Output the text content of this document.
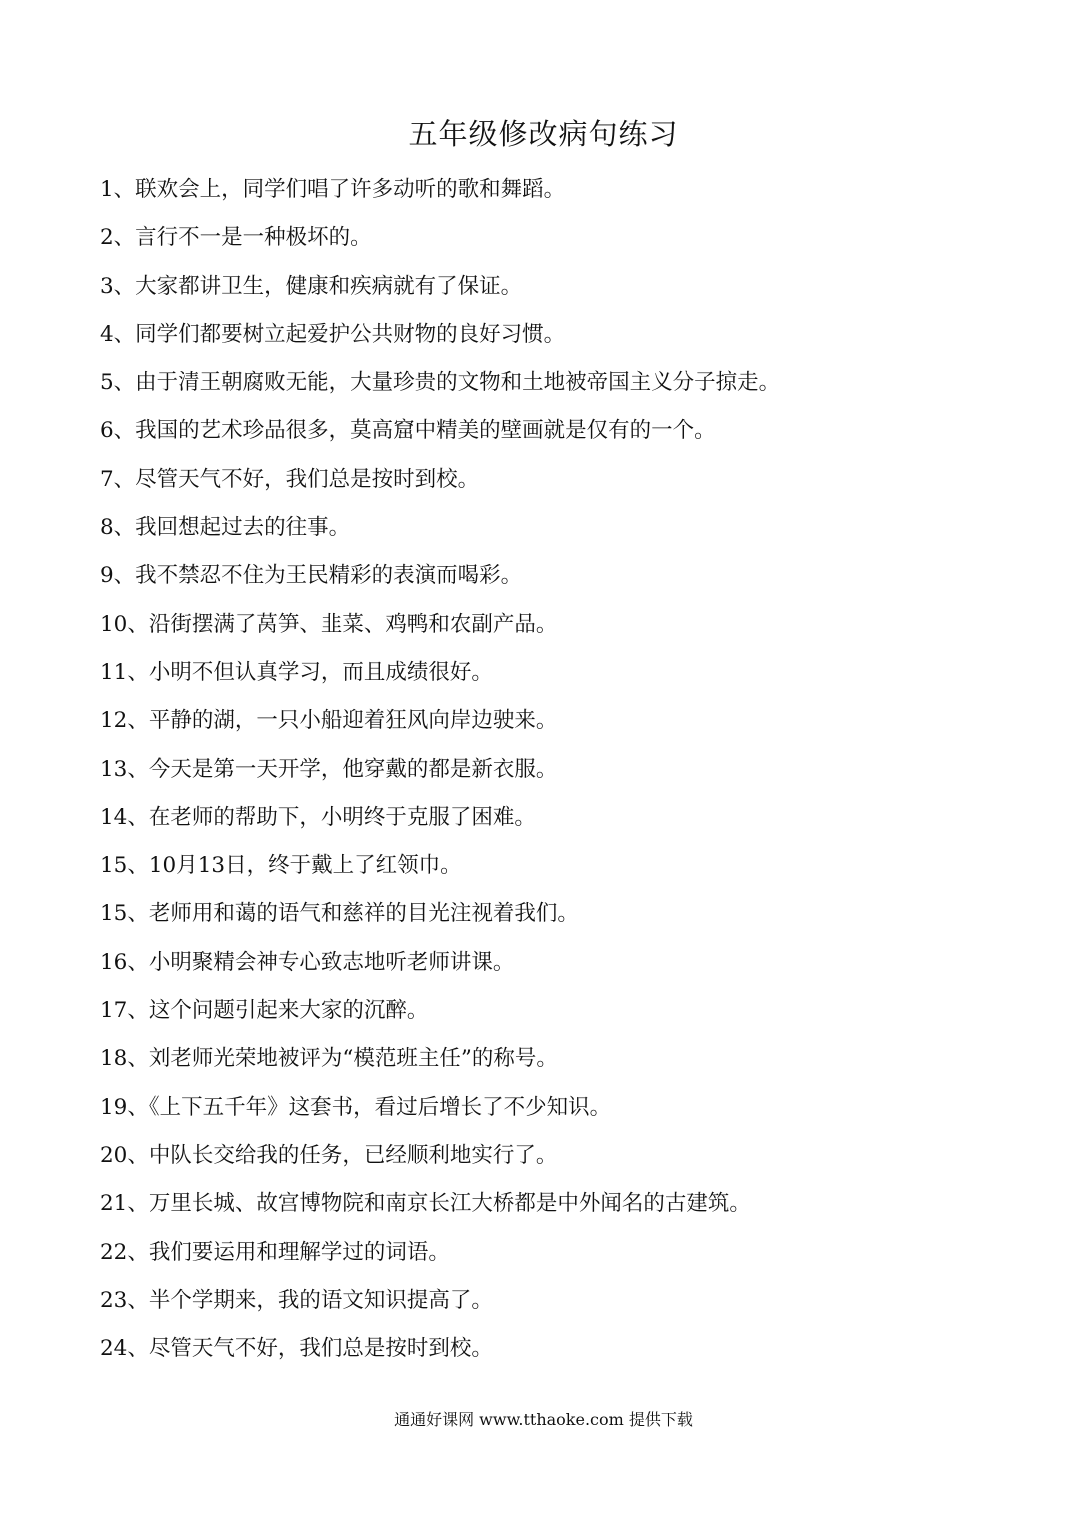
五年级修改病句练习
1、联欢会上，同学们唱了许多动听的歌和舞蹈。
2、言行不一是一种极坏的。
3、大家都讲卫生，健康和疾病就有了保证。
4、同学们都要树立起爱护公共财物的良好习惯。
5、由于清王朝腐败无能，大量珍贵的文物和土地被帝国主义分子掠走。
6、我国的艺术珍品很多，莫高窟中精美的壁画就是仅有的一个。
7、尽管天气不好，我们总是按时到校。
8、我回想起过去的往事。
9、我不禁忍不住为王民精彩的表演而喝彩。
10、沿街摆满了莴笋、韭菜、鸡鸭和农副产品。
11、小明不但认真学习，而且成绩很好。
12、平静的湖，一只小船迎着狂风向岸边驶来。
13、今天是第一天开学，他穿戴的都是新衣服。
14、在老师的帮助下，小明终于克服了困难。
15、10月13日，终于戴上了红领巾。
15、老师用和蔼的语气和慈祥的目光注视着我们。
16、小明聚精会神专心致志地听老师讲课。
17、这个问题引起来大家的沉醉。
18、刘老师光荣地被评为“模范班主任”的称号。
19、《上下五千年》这套书，看过后增长了不少知识。
20、中队长交给我的任务，已经顺利地实行了。
21、万里长城、故宫博物院和南京长江大桥都是中外闻名的古建筑。
22、我们要运用和理解学过的词语。
23、半个学期来，我的语文知识提高了。
24、尽管天气不好，我们总是按时到校。
通通好课网 www.tthaoke.com 提供下载
